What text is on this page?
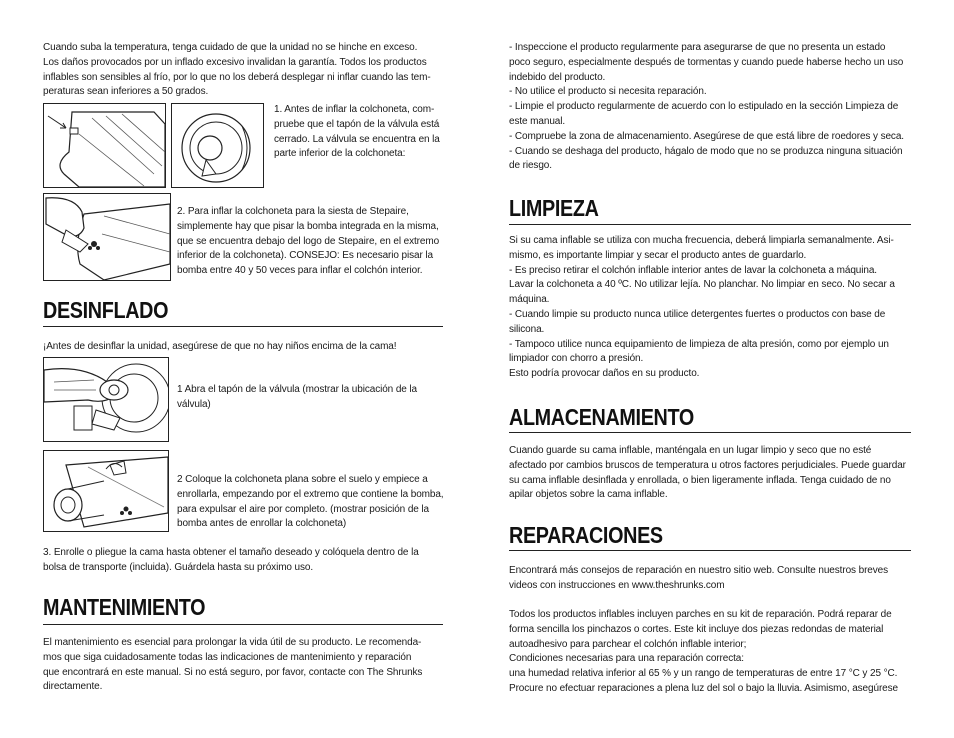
Cuando suba la temperatura, tenga cuidado de que la unidad no se hinche en exceso.
Los daños provocados por un inflado excesivo invalidan la garantía. Todos los productos
inflables son sensibles al frío, por lo que no los deberá desplegar ni inflar cuando las tem-
peraturas sean inferiores a 50 grados.

1. Antes de inflar la colchoneta, com-
pruebe que el tapón de la válvula está
cerrado. La válvula se encuentra en la
parte inferior de la colchoneta:

2. Para inflar la colchoneta para la siesta de Stepaire,
simplemente hay que pisar la bomba integrada en la misma,
que se encuentra debajo del logo de Stepaire, en el extremo
inferior de la colchoneta). CONSEJO: Es necesario pisar la
bomba entre 40 y 50 veces para inflar el colchón interior.

DESINFLADO

¡Antes de desinflar la unidad, asegúrese de que no hay niños encima de la cama!

1 Abra el tapón de la válvula (mostrar la ubicación de la
válvula)

2 Coloque la colchoneta plana sobre el suelo y empiece a
enrollarla, empezando por el extremo que contiene la bomba,
para expulsar el aire por completo. (mostrar posición de la
bomba antes de enrollar la colchoneta)

3. Enrolle o pliegue la cama hasta obtener el tamaño deseado y colóquela dentro de la
bolsa de transporte (incluida). Guárdela hasta su próximo uso.

MANTENIMIENTO

El mantenimiento es esencial para prolongar la vida útil de su producto. Le recomenda-
mos que siga cuidadosamente todas las indicaciones de mantenimiento y reparación
que encontrará en este manual. Si no está seguro, por favor, contacte con The Shrunks
directamente.

- Inspeccione el producto regularmente para asegurarse de que no presenta un estado
poco seguro, especialmente después de tormentas y cuando puede haberse hecho un uso
indebido del producto.
- No utilice el producto si necesita reparación.
- Limpie el producto regularmente de acuerdo con lo estipulado en la sección Limpieza de
este manual.
- Compruebe la zona de almacenamiento. Asegúrese de que está libre de roedores y seca.
- Cuando se deshaga del producto, hágalo de modo que no se produzca ninguna situación
de riesgo.

LIMPIEZA

Si su cama inflable se utiliza con mucha frecuencia, deberá limpiarla semanalmente. Asi-
mismo, es importante limpiar y secar el producto antes de guardarlo.
- Es preciso retirar el colchón inflable interior antes de lavar la colchoneta a máquina.
Lavar la colchoneta a 40 ºC. No utilizar lejía. No planchar. No limpiar en seco. No secar a
máquina.
- Cuando limpie su producto nunca utilice detergentes fuertes o productos con base de
silicona.
- Tampoco utilice nunca equipamiento de limpieza de alta presión, como por ejemplo un
limpiador con chorro a presión.
Esto podría provocar daños en su producto.

ALMACENAMIENTO

Cuando guarde su cama inflable, manténgala en un lugar limpio y seco que no esté
afectado por cambios bruscos de temperatura u otros factores perjudiciales. Puede guardar
su cama inflable desinflada y enrollada, o bien ligeramente inflada. Tenga cuidado de no
apilar objetos sobre la cama inflable.

REPARACIONES

Encontrará más consejos de reparación en nuestro sitio web. Consulte nuestros breves
videos con instrucciones en www.theshrunks.com

Todos los productos inflables incluyen parches en su kit de reparación. Podrá reparar de
forma sencilla los pinchazos o cortes. Este kit incluye dos piezas redondas de material
autoadhesivo para parchear el colchón inflable interior;
Condiciones necesarias para una reparación correcta:
una humedad relativa inferior al 65 % y un rango de temperaturas de entre 17 °C y 25 °C.
Procure no efectuar reparaciones a plena luz del sol o bajo la lluvia. Asimismo, asegúrese
